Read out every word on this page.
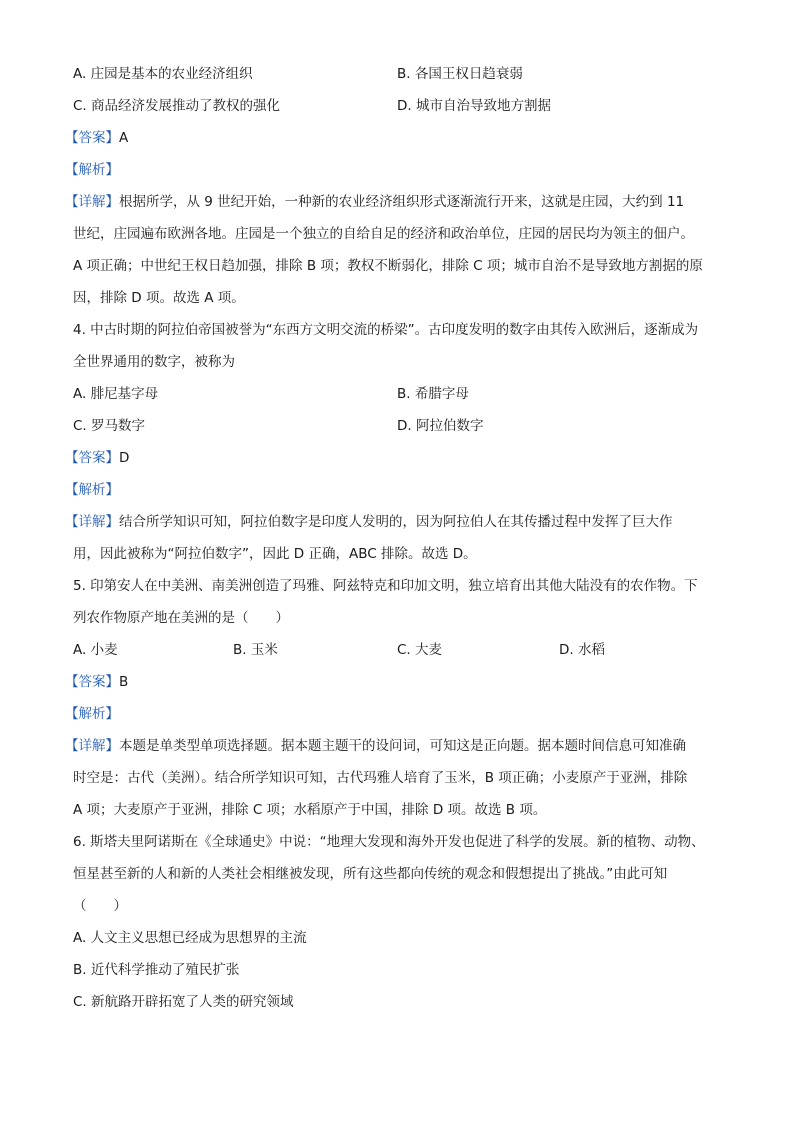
A. 庄园是基本的农业经济组织	B. 各国王权日趋衰弱
C. 商品经济发展推动了教权的强化	D. 城市自治导致地方割据
【答案】A
【解析】
【详解】根据所学，从 9 世纪开始，一种新的农业经济组织形式逐渐流行开来，这就是庄园，大约到 11
世纪，庄园遍布欧洲各地。庄园是一个独立的自给自足的经济和政治单位，庄园的居民均为领主的佃户。
A 项正确；中世纪王权日趋加强，排除 B 项；教权不断弱化，排除 C 项；城市自治不是导致地方割据的原
因，排除 D 项。故选 A 项。
4. 中古时期的阿拉伯帝国被誉为“东西方文明交流的桥梁”。古印度发明的数字由其传入欧洲后，逐渐成为
全世界通用的数字，被称为
A. 腓尼基字母	B. 希腊字母
C. 罗马数字	D. 阿拉伯数字
【答案】D
【解析】
【详解】结合所学知识可知，阿拉伯数字是印度人发明的，因为阿拉伯人在其传播过程中发挥了巨大作
用，因此被称为“阿拉伯数字”，因此 D 正确，ABC 排除。故选 D。
5. 印第安人在中美洲、南美洲创造了玛雅、阿兹特克和印加文明，独立培育出其他大陆没有的农作物。下
列农作物原产地在美洲的是（　　）
A. 小麦	B. 玉米	C. 大麦	D. 水稻
【答案】B
【解析】
【详解】本题是单类型单项选择题。据本题主题干的设问词，可知这是正向题。据本题时间信息可知准确
时空是：古代（美洲）。结合所学知识可知，古代玛雅人培育了玉米，B 项正确；小麦原产于亚洲，排除
A 项；大麦原产于亚洲，排除 C 项；水稻原产于中国，排除 D 项。故选 B 项。
6. 斯塔夫里阿诺斯在《全球通史》中说：“地理大发现和海外开发也促进了科学的发展。新的植物、动物、
恒星甚至新的人和新的人类社会相继被发现，所有这些都向传统的观念和假想提出了挑战。”由此可知
（　　）
A. 人文主义思想已经成为思想界的主流
B. 近代科学推动了殖民扩张
C. 新航路开辟拓宽了人类的研究领域
